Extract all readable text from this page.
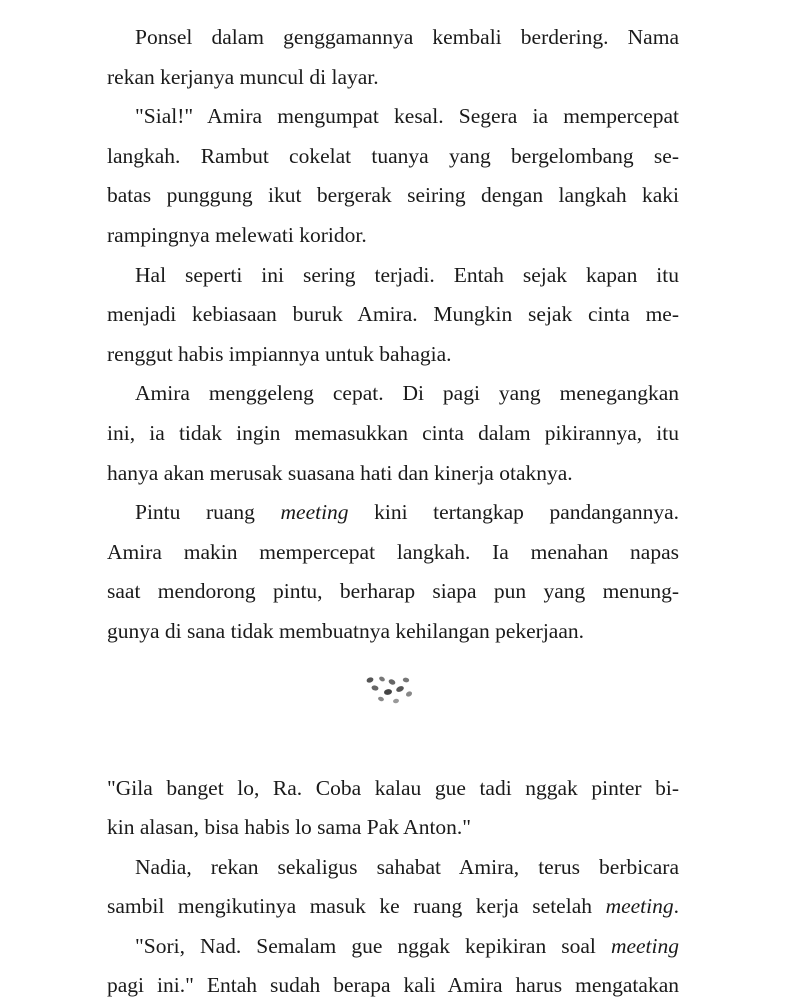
Ponsel dalam genggamannya kembali berdering. Nama
rekan kerjanya muncul di layar.
"Sial!" Amira mengumpat kesal. Segera ia mempercepat
langkah. Rambut cokelat tuanya yang bergelombang se-
batas punggung ikut bergerak seiring dengan langkah kaki
rampingnya melewati koridor.
Hal seperti ini sering terjadi. Entah sejak kapan itu
menjadi kebiasaan buruk Amira. Mungkin sejak cinta me-
renggut habis impiannya untuk bahagia.
Amira menggeleng cepat. Di pagi yang menegangkan
ini, ia tidak ingin memasukkan cinta dalam pikirannya, itu
hanya akan merusak suasana hati dan kinerja otaknya.
Pintu ruang meeting kini tertangkap pandangannya.
Amira makin mempercepat langkah. Ia menahan napas
saat mendorong pintu, berharap siapa pun yang menung-
gunya di sana tidak membuatnya kehilangan pekerjaan.
"Gila banget lo, Ra. Coba kalau gue tadi nggak pinter bi-
kin alasan, bisa habis lo sama Pak Anton."
Nadia, rekan sekaligus sahabat Amira, terus berbicara
sambil mengikutinya masuk ke ruang kerja setelah meeting.
"Sori, Nad. Semalam gue nggak kepikiran soal meeting
pagi ini." Entah sudah berapa kali Amira harus mengatakan
